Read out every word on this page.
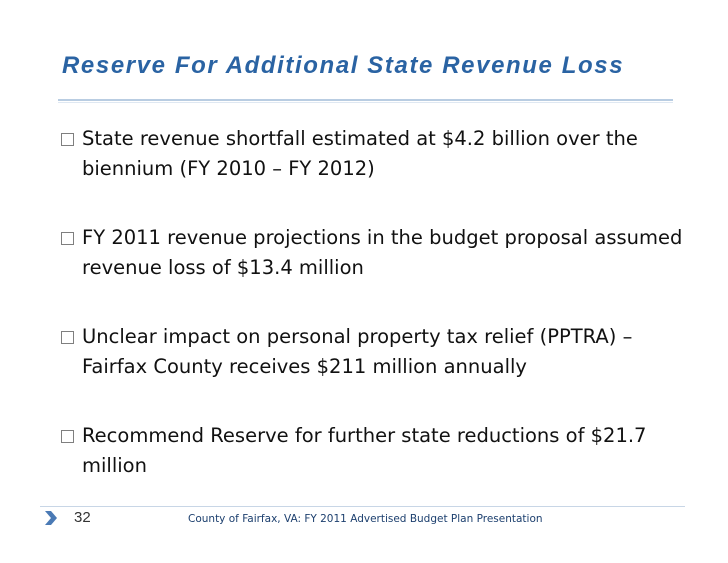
Reserve For Additional State Revenue Loss
State revenue shortfall estimated at $4.2 billion over the biennium (FY 2010 – FY 2012)
FY 2011 revenue projections in the budget proposal assumed revenue loss of $13.4 million
Unclear impact on personal property tax relief (PPTRA) – Fairfax County receives $211 million annually
Recommend Reserve for further state reductions of $21.7 million
32	County of Fairfax, VA: FY 2011 Advertised Budget Plan Presentation
